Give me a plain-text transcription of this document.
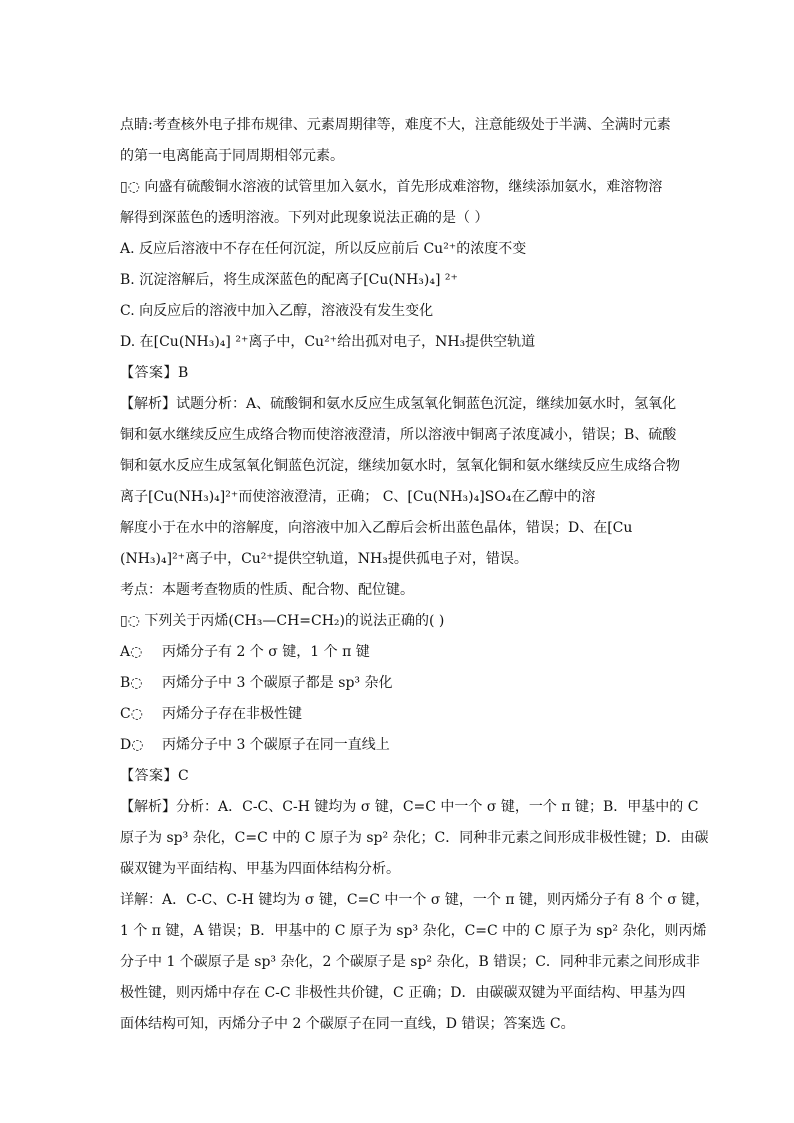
点睛:考查核外电子排布规律、元素周期律等，难度不大，注意能级处于半满、全满时元素
的第一电离能高于同周期相邻元素。
▯◌ 向盛有硫酸铜水溶液的试管里加入氨水，首先形成难溶物，继续添加氨水，难溶物溶
解得到深蓝色的透明溶液。下列对此现象说法正确的是（ ）
A. 反应后溶液中不存在任何沉淀，所以反应前后 Cu²⁺的浓度不变
B. 沉淀溶解后，将生成深蓝色的配离子[Cu(NH₃)₄] ²⁺
C. 向反应后的溶液中加入乙醇，溶液没有发生变化
D. 在[Cu(NH₃)₄] ²⁺离子中，Cu²⁺给出孤对电子，NH₃提供空轨道
【答案】B
【解析】试题分析：A、硫酸铜和氨水反应生成氢氧化铜蓝色沉淀，继续加氨水时，氢氧化
铜和氨水继续反应生成络合物而使溶液澄清，所以溶液中铜离子浓度减小，错误；B、硫酸
铜和氨水反应生成氢氧化铜蓝色沉淀，继续加氨水时，氢氧化铜和氨水继续反应生成络合物
离子[Cu(NH₃)₄]²⁺而使溶液澄清，正确； C、[Cu(NH₃)₄]SO₄在乙醇中的溶
解度小于在水中的溶解度，向溶液中加入乙醇后会析出蓝色晶体，错误；D、在[Cu
(NH₃)₄]²⁺离子中，Cu²⁺提供空轨道，NH₃提供孤电子对，错误。
考点：本题考查物质的性质、配合物、配位键。
▯◌ 下列关于丙烯(CH₃—CH=CH₂)的说法正确的( )
A◌ 丙烯分子有 2 个 σ 键，1 个 π 键
B◌ 丙烯分子中 3 个碳原子都是 sp³ 杂化
C◌ 丙烯分子存在非极性键
D◌ 丙烯分子中 3 个碳原子在同一直线上
【答案】C
【解析】分析：A．C-C、C-H 键均为 σ 键，C=C 中一个 σ 键，一个 π 键；B．甲基中的 C
原子为 sp³ 杂化，C=C 中的 C 原子为 sp² 杂化；C．同种非元素之间形成非极性键；D．由碳
碳双键为平面结构、甲基为四面体结构分析。
详解：A．C-C、C-H 键均为 σ 键，C=C 中一个 σ 键，一个 π 键，则丙烯分子有 8 个 σ 键，
1 个 π 键，A 错误；B．甲基中的 C 原子为 sp³ 杂化，C=C 中的 C 原子为 sp² 杂化，则丙烯
分子中 1 个碳原子是 sp³ 杂化，2 个碳原子是 sp² 杂化，B 错误；C．同种非元素之间形成非
极性键，则丙烯中存在 C-C 非极性共价键，C 正确；D．由碳碳双键为平面结构、甲基为四
面体结构可知，丙烯分子中 2 个碳原子在同一直线，D 错误；答案选 C。
